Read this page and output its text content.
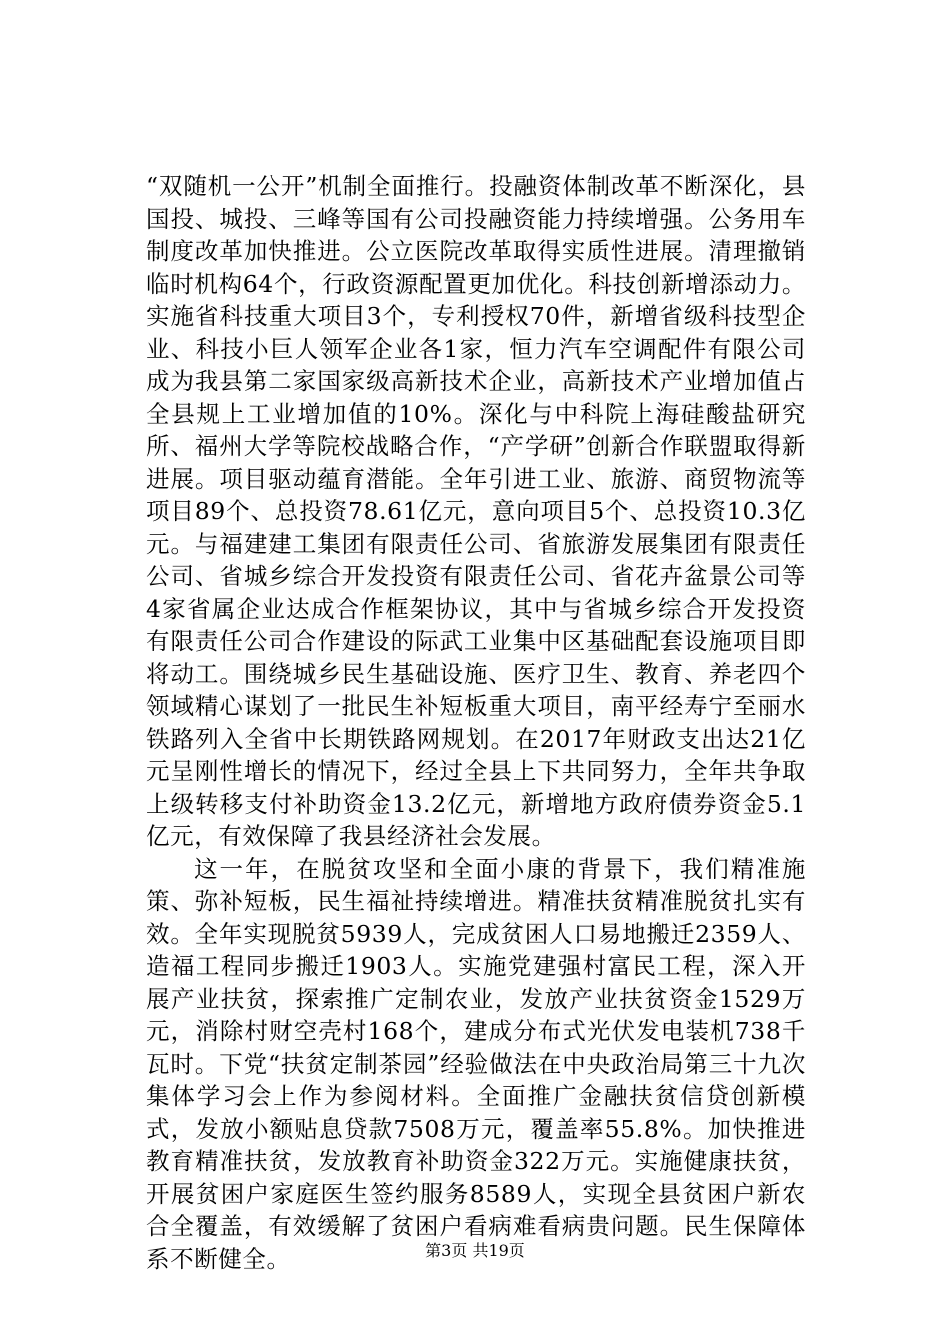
“双随机一公开”机制全面推行。投融资体制改革不断深化，县国投、城投、三峰等国有公司投融资能力持续增强。公务用车制度改革加快推进。公立医院改革取得实质性进展。清理撤销临时机构64个，行政资源配置更加优化。科技创新增添动力。实施省科技重大项目3个，专利授权70件，新增省级科技型企业、科技小巨人领军企业各1家，恒力汽车空调配件有限公司成为我县第二家国家级高新技术企业，高新技术产业增加值占全县规上工业增加值的10%。深化与中科院上海硅酸盐研究所、福州大学等院校战略合作，“产学研”创新合作联盟取得新进展。项目驱动蕴育潜能。全年引进工业、旅游、商贸物流等项目89个、总投资78.61亿元，意向项目5个、总投资10.3亿元。与福建建工集团有限责任公司、省旅游发展集团有限责任公司、省城乡综合开发投资有限责任公司、省花卉盆景公司等4家省属企业达成合作框架协议，其中与省城乡综合开发投资有限责任公司合作建设的际武工业集中区基础配套设施项目即将动工。围绕城乡民生基础设施、医疗卫生、教育、养老四个领域精心谋划了一批民生补短板重大项目，南平经寿宁至丽水铁路列入全省中长期铁路网规划。在2017年财政支出达21亿元呈刚性增长的情况下，经过全县上下共同努力，全年共争取上级转移支付补助资金13.2亿元，新增地方政府债券资金5.1亿元，有效保障了我县经济社会发展。

这一年，在脱贫攻坚和全面小康的背景下，我们精准施策、弥补短板，民生福祉持续增进。精准扶贫精准脱贫扎实有效。全年实现脱贫5939人，完成贫困人口易地搬迁2359人、造福工程同步搬迁1903人。实施党建强村富民工程，深入开展产业扶贫，探索推广定制农业，发放产业扶贫资金1529万元，消除村财空壳村168个，建成分布式光伏发电装机738千瓦时。下党“扶贫定制茶园”经验做法在中央政治局第三十九次集体学习会上作为参阅材料。全面推广金融扶贫信贷创新模式，发放小额贴息贷款7508万元，覆盖率55.8%。加快推进教育精准扶贫，发放教育补助资金322万元。实施健康扶贫，开展贫困户家庭医生签约服务8589人，实现全县贫困户新农合全覆盖，有效缓解了贫困户看病难看病贵问题。民生保障体系不断健全。	第3页 共19页
